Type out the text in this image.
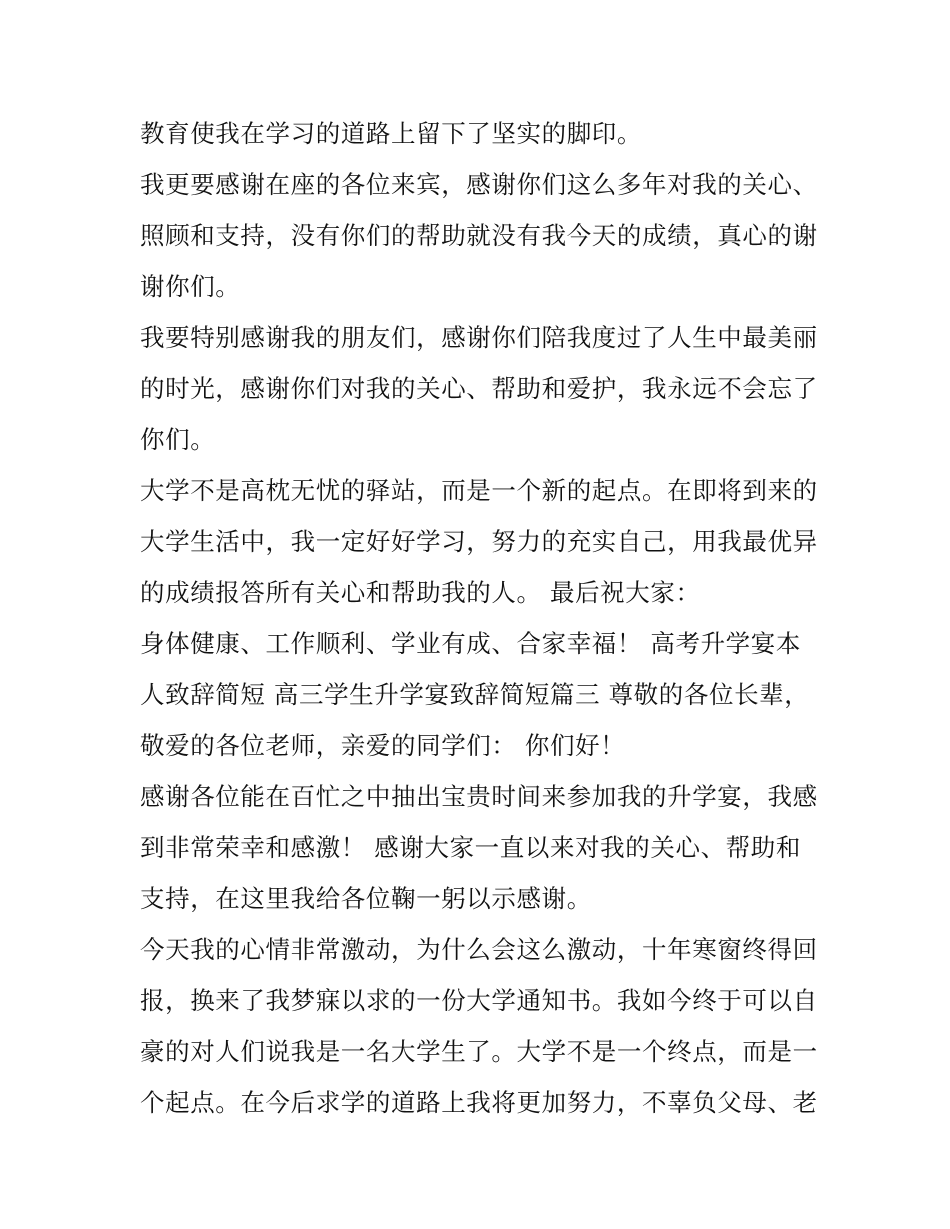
教育使我在学习的道路上留下了坚实的脚印。
我更要感谢在座的各位来宾，感谢你们这么多年对我的关心、
照顾和支持，没有你们的帮助就没有我今天的成绩，真心的谢
谢你们。
我要特别感谢我的朋友们，感谢你们陪我度过了人生中最美丽
的时光，感谢你们对我的关心、帮助和爱护，我永远不会忘了
你们。
大学不是高枕无忧的驿站，而是一个新的起点。在即将到来的
大学生活中，我一定好好学习，努力的充实自己，用我最优异
的成绩报答所有关心和帮助我的人。 最后祝大家：
身体健康、工作顺利、学业有成、合家幸福！ 高考升学宴本
人致辞简短 高三学生升学宴致辞简短篇三 尊敬的各位长辈，
敬爱的各位老师，亲爱的同学们： 你们好！
感谢各位能在百忙之中抽出宝贵时间来参加我的升学宴，我感
到非常荣幸和感激！ 感谢大家一直以来对我的关心、帮助和
支持，在这里我给各位鞠一躬以示感谢。
今天我的心情非常激动，为什么会这么激动，十年寒窗终得回
报，换来了我梦寐以求的一份大学通知书。我如今终于可以自
豪的对人们说我是一名大学生了。大学不是一个终点，而是一
个起点。在今后求学的道路上我将更加努力，不辜负父母、老
